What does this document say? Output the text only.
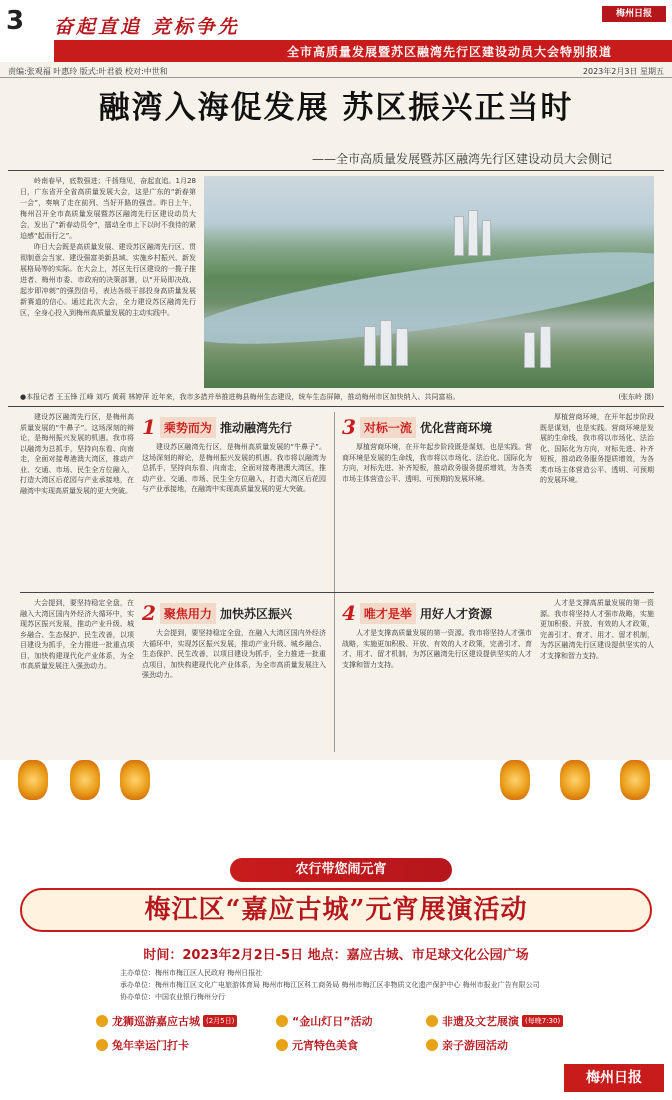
3 奋起直追 竞标争先
梅州日报
全市高质量发展暨苏区融湾先行区建设动员大会特别报道
责编:张观福 叶惠玲 版式:叶君毅 校对:中世和	2023年2月3日 星期五
融湾入海促发展 苏区振兴正当时
——全市高质量发展暨苏区融湾先行区建设动员大会侧记

岭南春早，底数强进；千扬翔见，奋起直追。1月28日，广东省开全省高质量发展大会，这是广东的“新春第一会”，奏响了走在前列、当好开路的强音。昨日上午，梅州召开全市高质量发展暨苏区融湾先行区建设动员大会，发出了“新春动员令”，擂动全市上下以时不我待的紧迫感“起而行之”。

昨日大会既是高质量发展、建设苏区融湾先行区、贯彻制意会当家、建设强富美新县域、实施乡村振兴、新发展格局等的实际。在大会上，苏区先行区建设的一揽子推进者、梅州市委、市政府的决策部署，以“开局即决战、起步即冲刺”的强烈信号，表达各级干部投身高质量发展新赛道的信心。通过此次大会，全力建设苏区融湾先行区，全身心投入到梅州高质量发展的主动实践中。

●本报记者 王玉锋 江峰 刘巧 黄莉 林婷萍 近年来，我市多措并举推进梅县梅州生态建设，统车生态屏障，推动梅州市区加快纳入、共同富裕。	(张东岭 摄)

建设苏区融湾先行区，是梅州高质量发展的“牛鼻子”。这场深刻的辩论，是梅州振兴发展的机遇。我市将以融湾为总抓手，坚持向东看、向南走，全面对接粤港澳大湾区，推动产业、交通、市场、民生全方位融入，打造大湾区后花园与产业承接地，在融湾中实现高质量发展的更大突破。

1 乘势而为 推动融湾先行

建设苏区融湾先行区，是梅州高质量发展的“牛鼻子”。这场深刻的辩论，是梅州振兴发展的机遇。我市将以融湾为总抓手，坚持向东看、向南走，全面对接粤港澳大湾区，推动产业、交通、市场、民生全方位融入，打造大湾区后花园与产业承接地，在融湾中实现高质量发展的更大突破。

3 对标一流 优化营商环境

厚植营商环境，在开年起步阶段既是谋划，也是实践。营商环境是发展的生命线，我市将以市场化、法治化、国际化为方向，对标先进、补齐短板，推动政务服务提质增效，为各类市场主体营造公平、透明、可预期的发展环境。

厚植营商环境，在开年起步阶段既是谋划，也是实践。营商环境是发展的生命线，我市将以市场化、法治化、国际化为方向，对标先进、补齐短板，推动政务服务提质增效，为各类市场主体营造公平、透明、可预期的发展环境。

大会提到，要坚持稳定全盘，在融入大湾区国内外经济大循环中，实现苏区振兴发展，推动产业升级、城乡融合、生态保护、民生改善，以项目建设为抓手，全力推进一批重点项目，加快构建现代化产业体系，为全市高质量发展注入强劲动力。

2 聚焦用力 加快苏区振兴

大会提到，要坚持稳定全盘，在融入大湾区国内外经济大循环中，实现苏区振兴发展，推动产业升级、城乡融合、生态保护、民生改善，以项目建设为抓手，全力推进一批重点项目，加快构建现代化产业体系，为全市高质量发展注入强劲动力。

4 唯才是举 用好人才资源

人才是支撑高质量发展的第一资源。我市将坚持人才强市战略，实施更加积极、开放、有效的人才政策，完善引才、育才、用才、留才机制，为苏区融湾先行区建设提供坚实的人才支撑和智力支持。

人才是支撑高质量发展的第一资源。我市将坚持人才强市战略，实施更加积极、开放、有效的人才政策，完善引才、育才、用才、留才机制，为苏区融湾先行区建设提供坚实的人才支撑和智力支持。

农行带您闹元宵
梅江区“嘉应古城”元宵展演活动
时间：2023年2月2日-5日 地点：嘉应古城、市足球文化公园广场
主办单位：梅州市梅江区人民政府 梅州日报社
承办单位：梅州市梅江区文化广电旅游体育局 梅州市梅江区科工商务局 梅州市梅江区非物质文化遗产保护中心 梅州市报业广告有限公司
协办单位：中国农业银行梅州分行
龙狮巡游嘉应古城 (2月5日)	“金山灯日”活动	非遗及文艺展演 (每晚7:30)
兔年幸运门打卡	元宵特色美食	亲子游园活动
梅州日报
